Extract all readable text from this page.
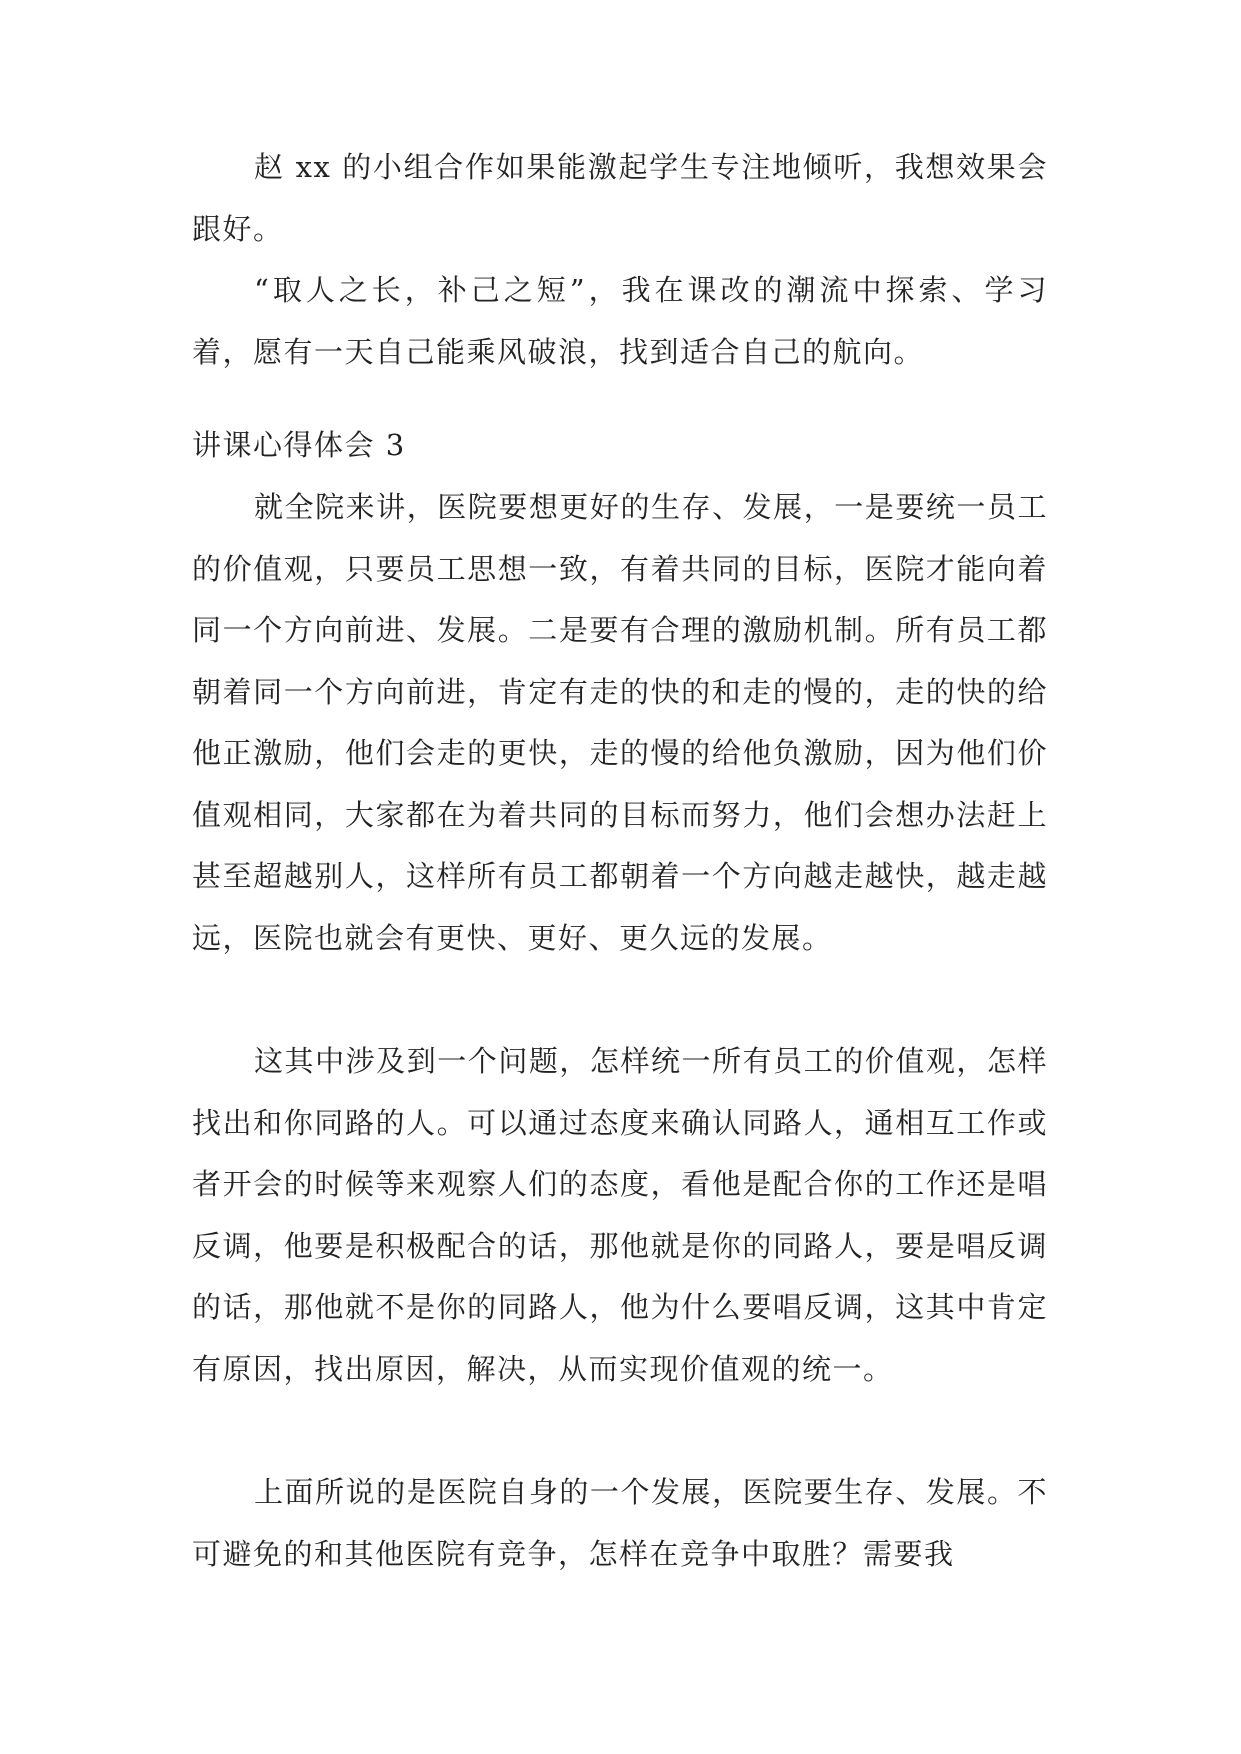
赵 xx 的小组合作如果能激起学生专注地倾听，我想效果会跟好。

“取人之长，补己之短”，我在课改的潮流中探索、学习着，愿有一天自己能乘风破浪，找到适合自己的航向。

讲课心得体会 3

就全院来讲，医院要想更好的生存、发展，一是要统一员工的价值观，只要员工思想一致，有着共同的目标，医院才能向着同一个方向前进、发展。二是要有合理的激励机制。所有员工都朝着同一个方向前进，肯定有走的快的和走的慢的，走的快的给他正激励，他们会走的更快，走的慢的给他负激励，因为他们价值观相同，大家都在为着共同的目标而努力，他们会想办法赶上甚至超越别人，这样所有员工都朝着一个方向越走越快，越走越远，医院也就会有更快、更好、更久远的发展。

这其中涉及到一个问题，怎样统一所有员工的价值观，怎样找出和你同路的人。可以通过态度来确认同路人，通相互工作或者开会的时候等来观察人们的态度，看他是配合你的工作还是唱反调，他要是积极配合的话，那他就是你的同路人，要是唱反调的话，那他就不是你的同路人，他为什么要唱反调，这其中肯定有原因，找出原因，解决，从而实现价值观的统一。

上面所说的是医院自身的一个发展，医院要生存、发展。不可避免的和其他医院有竞争，怎样在竞争中取胜？需要我
